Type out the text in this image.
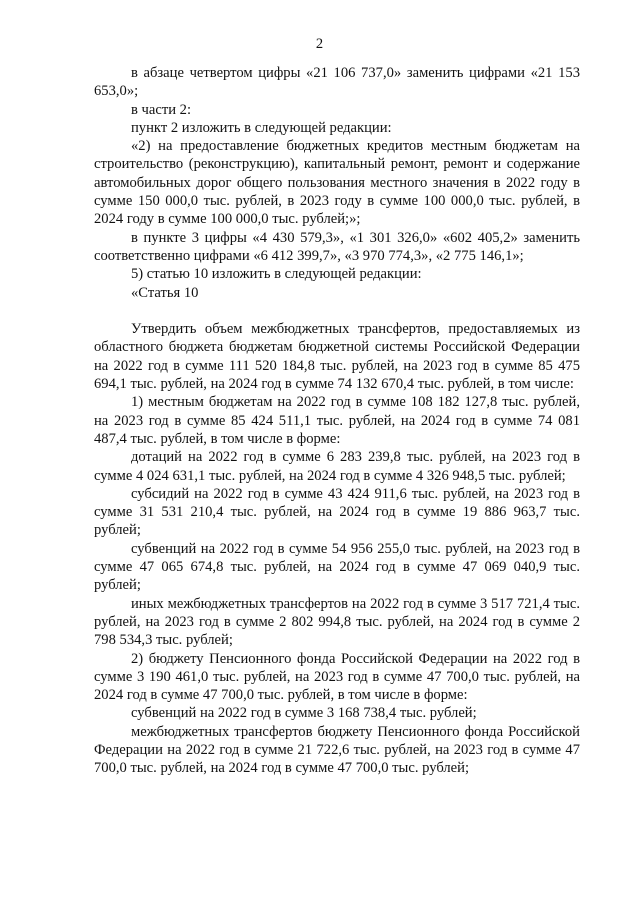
2

в абзаце четвертом цифры «21 106 737,0» заменить цифрами «21 153 653,0»;

в части 2:

пункт 2 изложить в следующей редакции:

«2) на предоставление бюджетных кредитов местным бюджетам на строительство (реконструкцию), капитальный ремонт, ремонт и содержание автомобильных дорог общего пользования местного значения в 2022 году в сумме 150 000,0 тыс. рублей, в 2023 году в сумме 100 000,0 тыс. рублей, в 2024 году в сумме 100 000,0 тыс. рублей;»;

в пункте 3 цифры «4 430 579,3», «1 301 326,0» «602 405,2» заменить соответственно цифрами «6 412 399,7», «3 970 774,3», «2 775 146,1»;

5) статью 10 изложить в следующей редакции:

«Статья 10

Утвердить объем межбюджетных трансфертов, предоставляемых из областного бюджета бюджетам бюджетной системы Российской Федерации на 2022 год в сумме 111 520 184,8 тыс. рублей, на 2023 год в сумме 85 475 694,1 тыс. рублей, на 2024 год в сумме 74 132 670,4 тыс. рублей, в том числе:

1) местным бюджетам на 2022 год в сумме 108 182 127,8 тыс. рублей, на 2023 год в сумме 85 424 511,1 тыс. рублей, на 2024 год в сумме 74 081 487,4 тыс. рублей, в том числе в форме:

дотаций на 2022 год в сумме 6 283 239,8 тыс. рублей, на 2023 год в сумме 4 024 631,1 тыс. рублей, на 2024 год в сумме 4 326 948,5 тыс. рублей;

субсидий на 2022 год в сумме 43 424 911,6 тыс. рублей, на 2023 год в сумме 31 531 210,4 тыс. рублей, на 2024 год в сумме 19 886 963,7 тыс. рублей;

субвенций на 2022 год в сумме 54 956 255,0 тыс. рублей, на 2023 год в сумме 47 065 674,8 тыс. рублей, на 2024 год в сумме 47 069 040,9 тыс. рублей;

иных межбюджетных трансфертов на 2022 год в сумме 3 517 721,4 тыс. рублей, на 2023 год в сумме 2 802 994,8 тыс. рублей, на 2024 год в сумме 2 798 534,3 тыс. рублей;

2) бюджету Пенсионного фонда Российской Федерации на 2022 год в сумме 3 190 461,0 тыс. рублей, на 2023 год в сумме 47 700,0 тыс. рублей, на 2024 год в сумме 47 700,0 тыс. рублей, в том числе в форме:

субвенций на 2022 год в сумме 3 168 738,4 тыс. рублей;

межбюджетных трансфертов бюджету Пенсионного фонда Российской Федерации на 2022 год в сумме 21 722,6 тыс. рублей, на 2023 год в сумме 47 700,0 тыс. рублей, на 2024 год в сумме 47 700,0 тыс. рублей;
